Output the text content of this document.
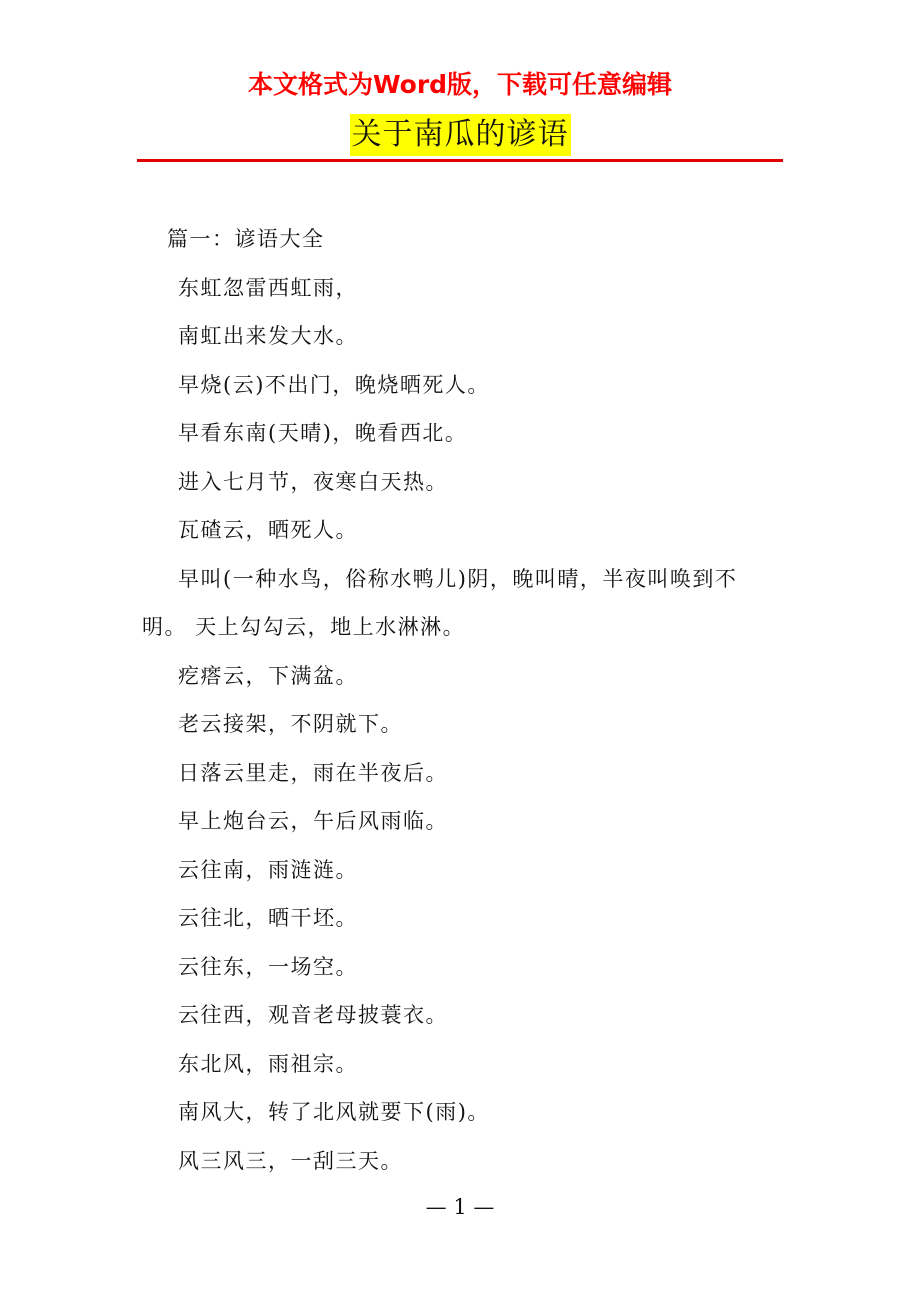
本文格式为Word版，下载可任意编辑
关于南瓜的谚语
篇一：谚语大全
东虹忽雷西虹雨，
南虹出来发大水。
早烧(云)不出门，晚烧晒死人。
早看东南(天晴)，晚看西北。
进入七月节，夜寒白天热。
瓦碴云，晒死人。
早叫(一种水鸟，俗称水鸭儿)阴，晚叫晴，半夜叫唤到不
明。 天上勾勾云，地上水淋淋。
疙瘩云，下满盆。
老云接架，不阴就下。
日落云里走，雨在半夜后。
早上炮台云，午后风雨临。
云往南，雨涟涟。
云往北，晒干坯。
云往东，一场空。
云往西，观音老母披蓑衣。
东北风，雨祖宗。
南风大，转了北风就要下(雨)。
风三风三，一刮三天。
— 1 —
